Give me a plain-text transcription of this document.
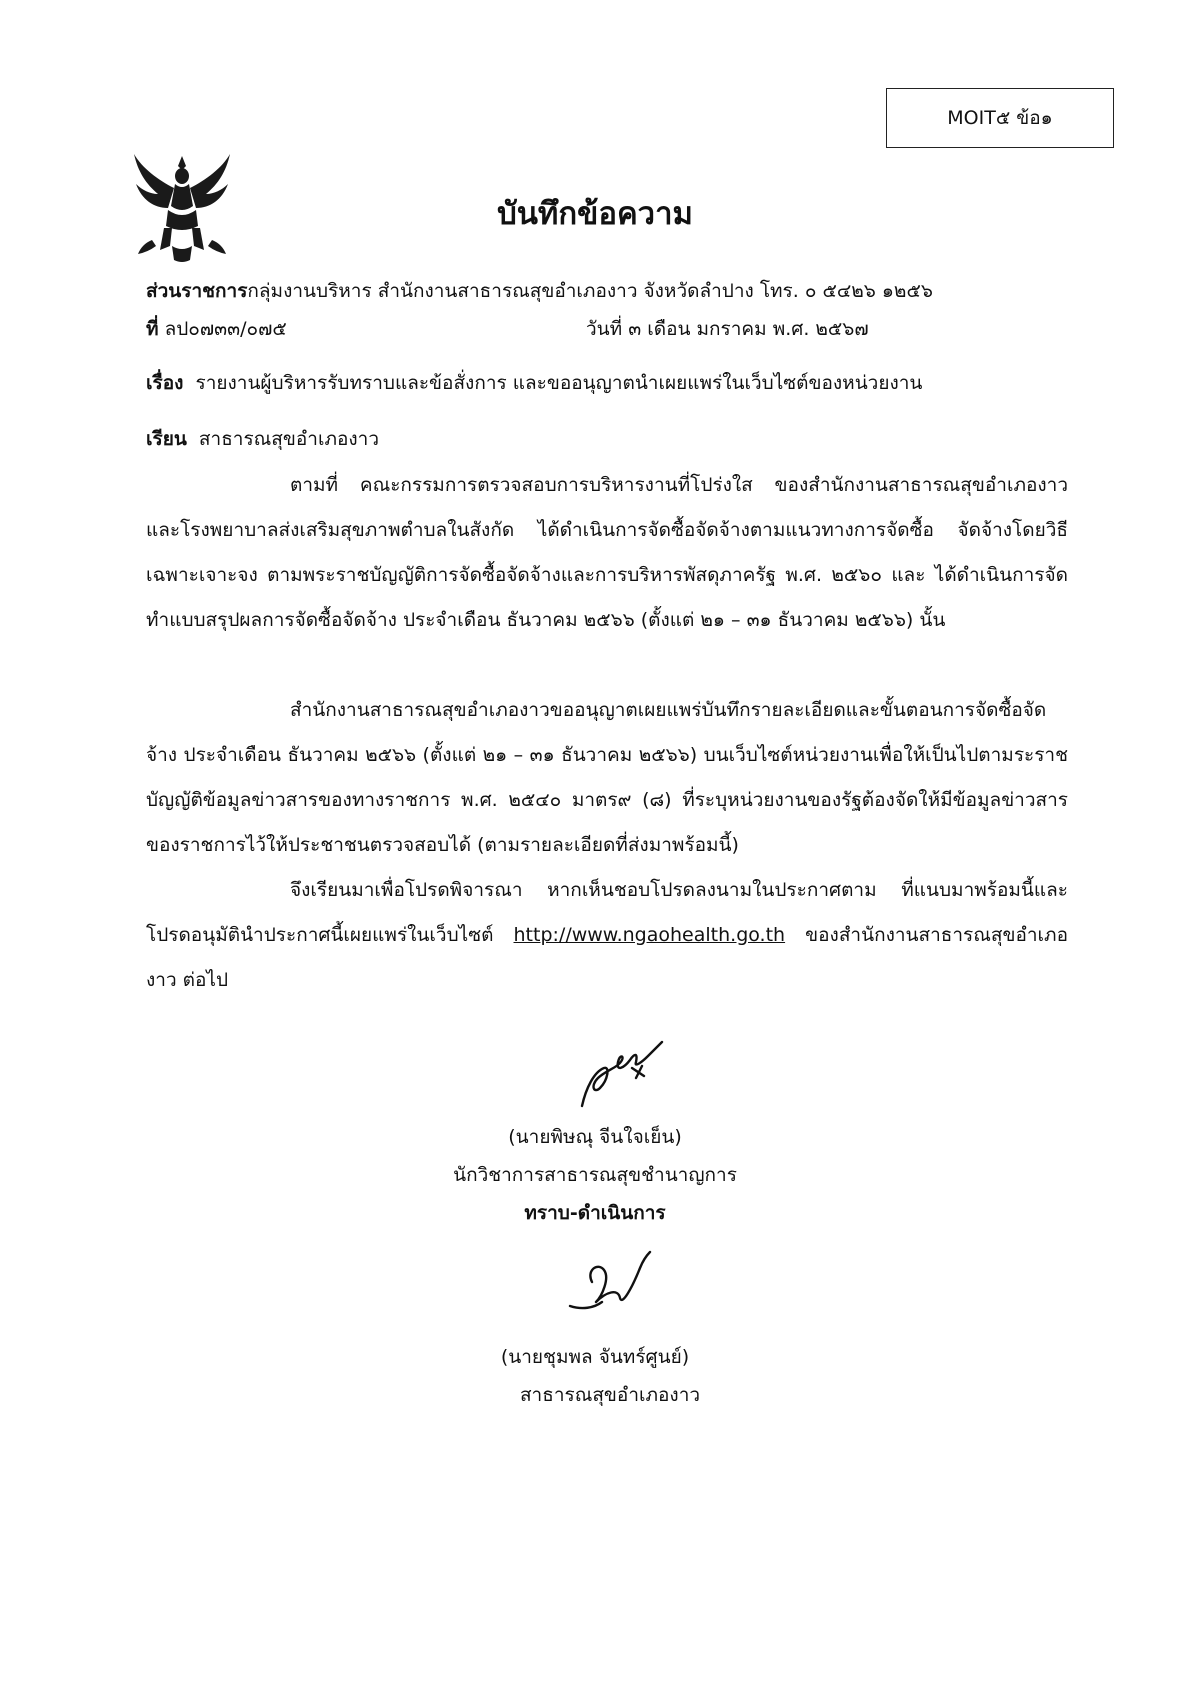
MOIT๕ ข้อ๑
บันทึกข้อความ
ส่วนราชการกลุ่มงานบริหาร สำนักงานสาธารณสุขอำเภองาว จังหวัดลำปาง โทร. ๐ ๕๔๒๖ ๑๒๕๖
ที่ ลป๐๗๓๓/๐๗๕	วันที่ ๓ เดือน มกราคม พ.ศ. ๒๕๖๗
เรื่อง รายงานผู้บริหารรับทราบและข้อสั่งการ และขออนุญาตนำเผยแพร่ในเว็บไซต์ของหน่วยงาน
เรียน สาธารณสุขอำเภองาว
ตามที่ คณะกรรมการตรวจสอบการบริหารงานที่โปร่งใส ของสำนักงานสาธารณสุขอำเภองาว และโรงพยาบาลส่งเสริมสุขภาพตำบลในสังกัด ได้ดำเนินการจัดซื้อจัดจ้างตามแนวทางการจัดซื้อ จัดจ้างโดยวิธีเฉพาะเจาะจง ตามพระราชบัญญัติการจัดซื้อจัดจ้างและการบริหารพัสดุภาครัฐ พ.ศ. ๒๕๖๐ และ ได้ดำเนินการจัดทำแบบสรุปผลการจัดซื้อจัดจ้าง ประจำเดือน ธันวาคม ๒๕๖๖ (ตั้งแต่ ๒๑ – ๓๑ ธันวาคม ๒๕๖๖) นั้น
สำนักงานสาธารณสุขอำเภองาวขออนุญาตเผยแพร่บันทึกรายละเอียดและขั้นตอนการจัดซื้อจัดจ้าง ประจำเดือน ธันวาคม ๒๕๖๖ (ตั้งแต่ ๒๑ – ๓๑ ธันวาคม ๒๕๖๖) บนเว็บไซต์หน่วยงานเพื่อให้เป็นไปตามระราชบัญญัติข้อมูลข่าวสารของทางราชการ พ.ศ. ๒๕๔๐ มาตร๙ (๘) ที่ระบุหน่วยงานของรัฐต้องจัดให้มีข้อมูลข่าวสารของราชการไว้ให้ประชาชนตรวจสอบได้ (ตามรายละเอียดที่ส่งมาพร้อมนี้)
จึงเรียนมาเพื่อโปรดพิจารณา หากเห็นชอบโปรดลงนามในประกาศตาม ที่แนบมาพร้อมนี้และโปรดอนุมัตินำประกาศนี้เผยแพร่ในเว็บไซต์ http://www.ngaohealth.go.th ของสำนักงานสาธารณสุขอำเภองาว ต่อไป
(นายพิษณุ จีนใจเย็น)
นักวิชาการสาธารณสุขชำนาญการ
ทราบ-ดำเนินการ
(นายชุมพล จันทร์ศูนย์)
สาธารณสุขอำเภองาว
